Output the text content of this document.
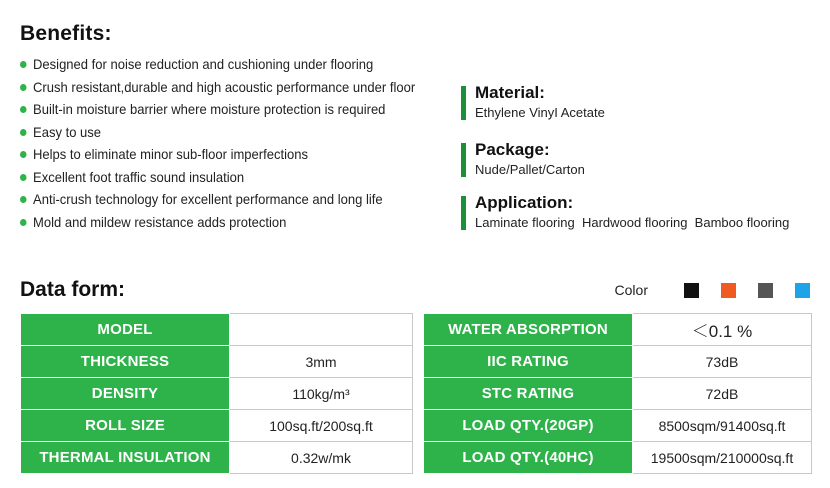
Benefits:
Designed for noise reduction and cushioning under flooring
Crush resistant,durable and high acoustic performance under floor
Built-in moisture barrier where moisture protection is required
Easy to use
Helps to eliminate minor sub-floor imperfections
Excellent foot traffic sound insulation
Anti-crush technology for excellent performance and long life
Mold and mildew resistance adds protection
Material:
Ethylene VinyI Acetate
Package:
Nude/Pallet/Carton
Application:
Laminate flooring  Hardwood flooring  Bamboo flooring
Data form:	Color
MODEL	
THICKNESS	3mm
DENSITY	110kg/m³
ROLL SIZE	100sq.ft/200sq.ft
THERMAL INSULATION	0.32w/mk
WATER ABSORPTION	＜0.1 %
IIC RATING	73dB
STC RATING	72dB
LOAD QTY.(20GP)	8500sqm/91400sq.ft
LOAD QTY.(40HC)	19500sqm/210000sq.ft
